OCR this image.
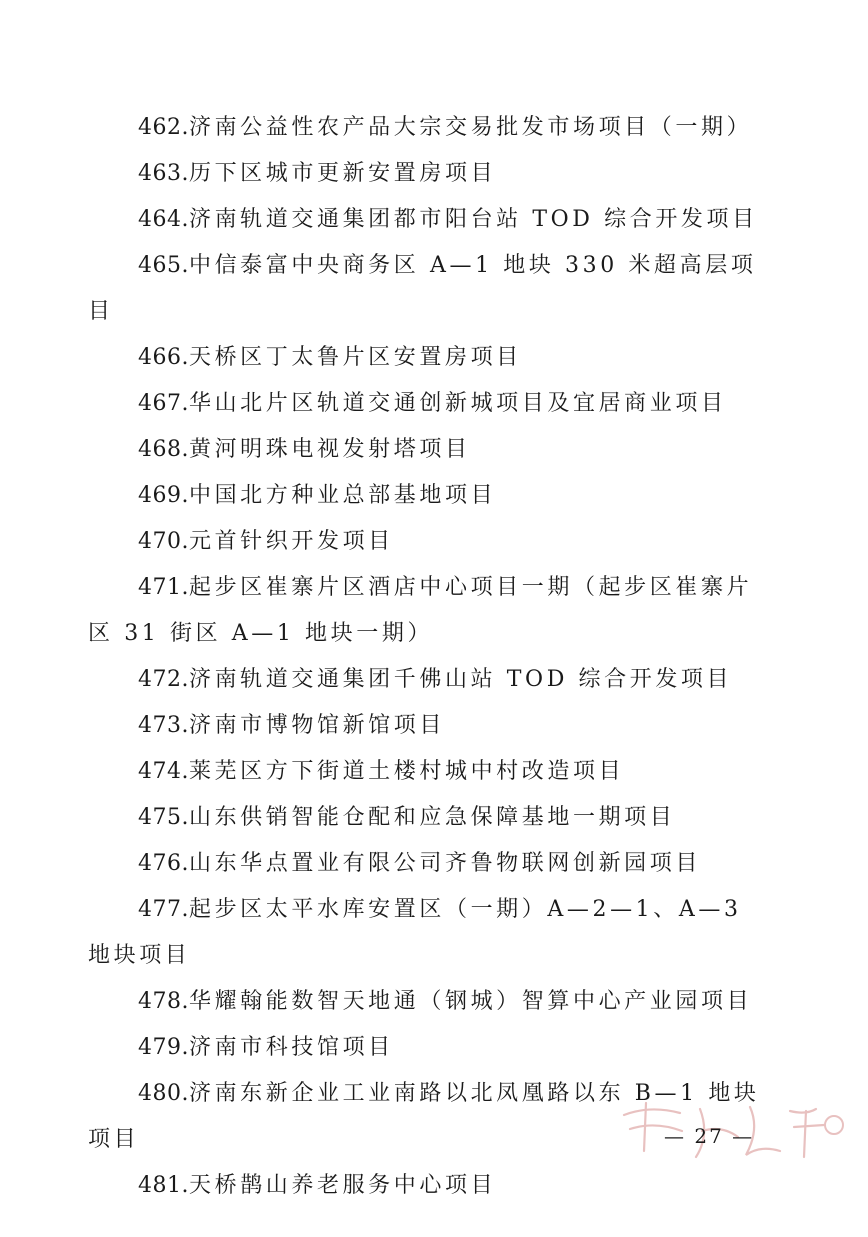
462.济南公益性农产品大宗交易批发市场项目（一期）

463.历下区城市更新安置房项目

464.济南轨道交通集团都市阳台站 TOD 综合开发项目

465.中信泰富中央商务区 A—1 地块 330 米超高层项目

466.天桥区丁太鲁片区安置房项目

467.华山北片区轨道交通创新城项目及宜居商业项目

468.黄河明珠电视发射塔项目

469.中国北方种业总部基地项目

470.元首针织开发项目

471.起步区崔寨片区酒店中心项目一期（起步区崔寨片区 31 街区 A—1 地块一期）

472.济南轨道交通集团千佛山站 TOD 综合开发项目

473.济南市博物馆新馆项目

474.莱芜区方下街道土楼村城中村改造项目

475.山东供销智能仓配和应急保障基地一期项目

476.山东华点置业有限公司齐鲁物联网创新园项目

477.起步区太平水库安置区（一期）A—2—1、A—3 地块项目

478.华耀翰能数智天地通（钢城）智算中心产业园项目

479.济南市科技馆项目

480.济南东新企业工业南路以北凤凰路以东 B—1 地块项目

481.天桥鹊山养老服务中心项目

— 27 —
